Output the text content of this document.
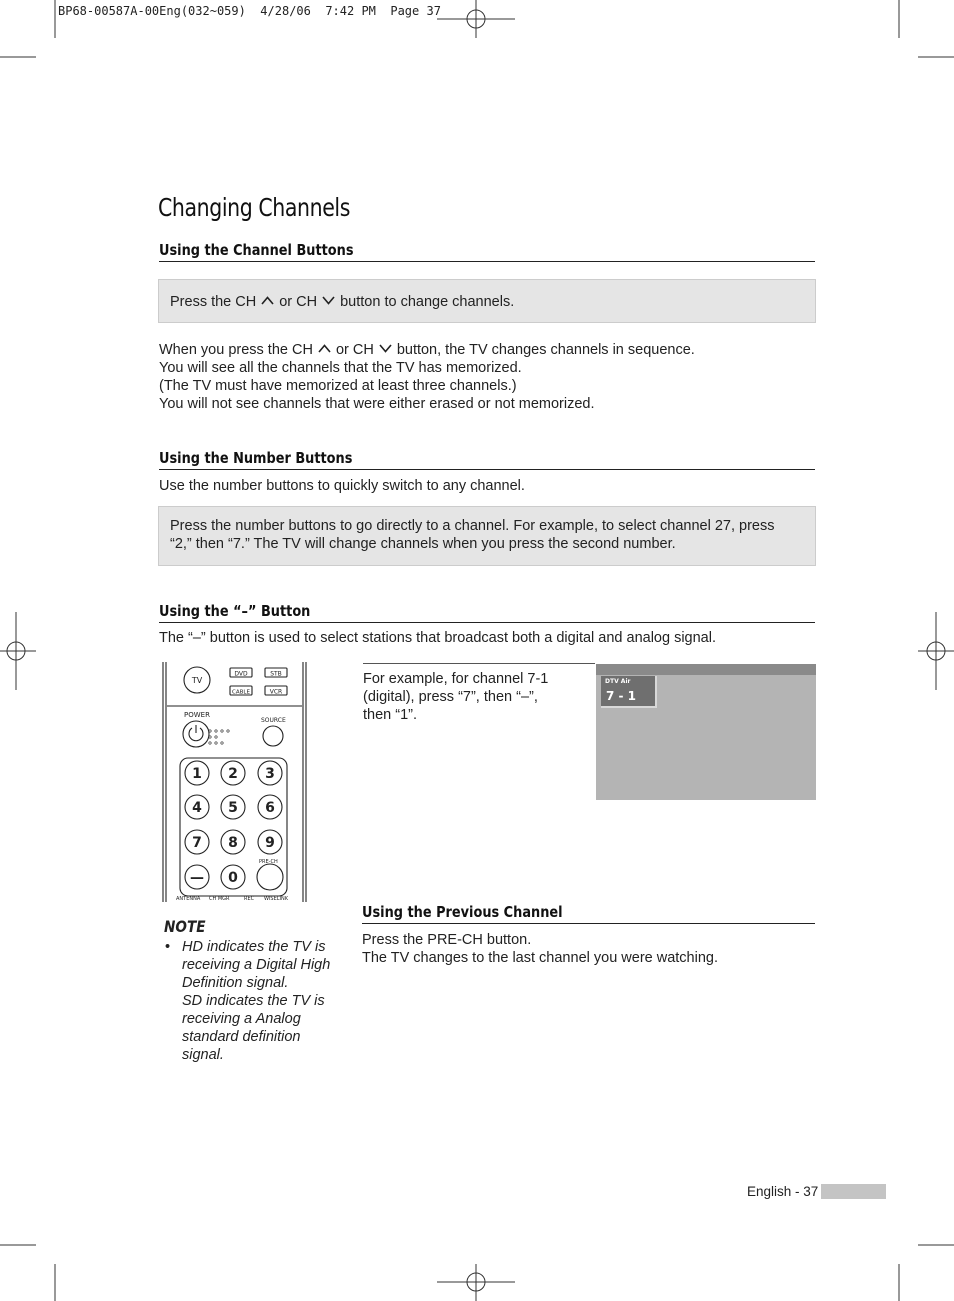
BP68-00587A-00Eng(032~059) 4/28/06 7:42 PM Page 37
Changing Channels
Using the Channel Buttons
Press the CH or CH button to change channels.
When you press the CH or CH button, the TV changes channels in sequence.
You will see all the channels that the TV has memorized.
(The TV must have memorized at least three channels.)
You will not see channels that were either erased or not memorized.
Using the Number Buttons
Use the number buttons to quickly switch to any channel.
Press the number buttons to go directly to a channel. For example, to select channel 27, press
“2,” then “7.” The TV will change channels when you press the second number.
Using the “–” Button
The “–” button is used to select stations that broadcast both a digital and analog signal.
TV
DVD	STB
CABLE	VCR
POWER
SOURCE
PRE-CH
1 2 3
4 5 6
7 8 9
0
—
ANTENNA CH MGR	REC WISELINK
For example, for channel 7-1
(digital), press “7”, then “–”,
then “1”.
DTV Air
7 - 1
NOTE
• HD indicates the TV is
receiving a Digital High
Definition signal.
SD indicates the TV is
receiving a Analog
standard definition
signal.
Using the Previous Channel
Press the PRE-CH button.
The TV changes to the last channel you were watching.
English - 37
